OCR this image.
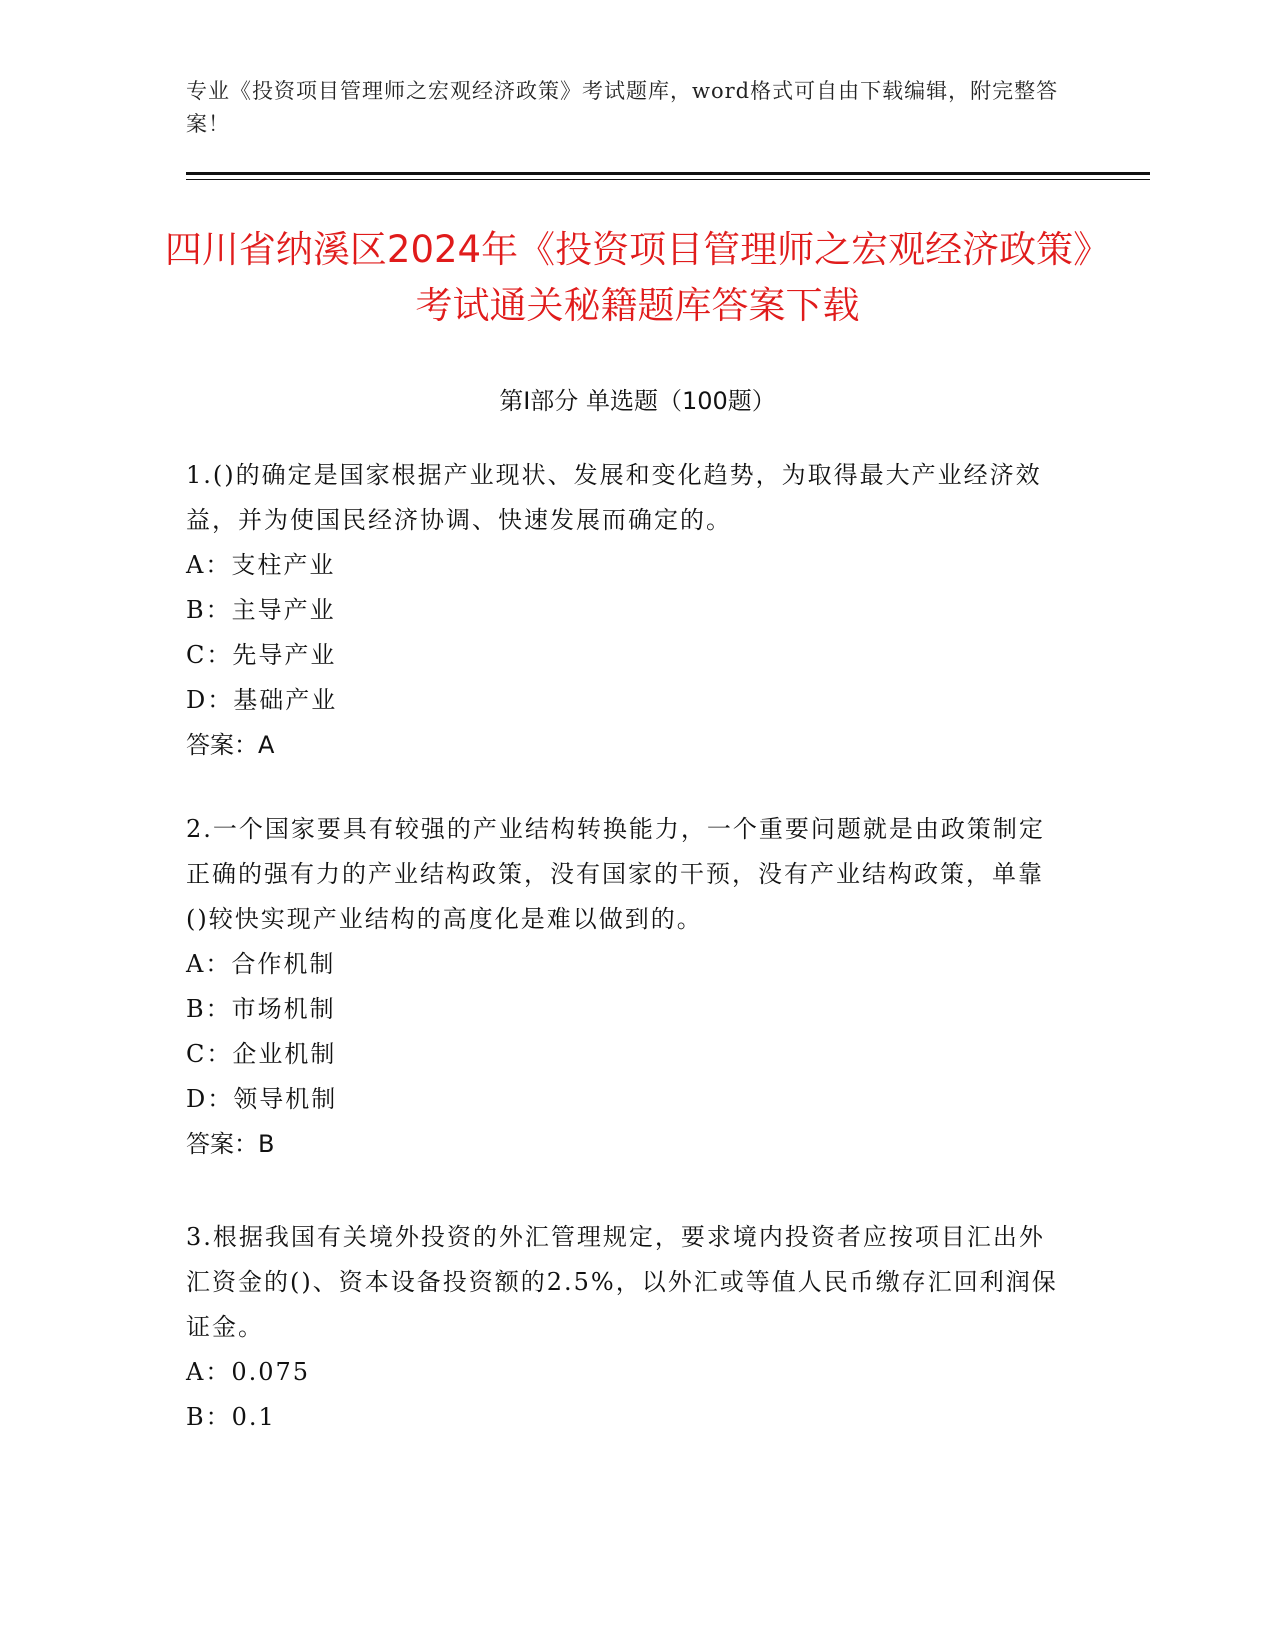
专业《投资项目管理师之宏观经济政策》考试题库，word格式可自由下载编辑，附完整答案！
四川省纳溪区2024年《投资项目管理师之宏观经济政策》考试通关秘籍题库答案下载
第I部分 单选题（100题）

1.()的确定是国家根据产业现状、发展和变化趋势，为取得最大产业经济效益，并为使国民经济协调、快速发展而确定的。

A：支柱产业

B：主导产业

C：先导产业

D：基础产业

答案：A

2.一个国家要具有较强的产业结构转换能力，一个重要问题就是由政策制定正确的强有力的产业结构政策，没有国家的干预，没有产业结构政策，单靠()较快实现产业结构的高度化是难以做到的。

A：合作机制

B：市场机制

C：企业机制

D：领导机制

答案：B

3.根据我国有关境外投资的外汇管理规定，要求境内投资者应按项目汇出外汇资金的()、资本设备投资额的2.5%，以外汇或等值人民币缴存汇回利润保证金。

A：0.075

B：0.1
